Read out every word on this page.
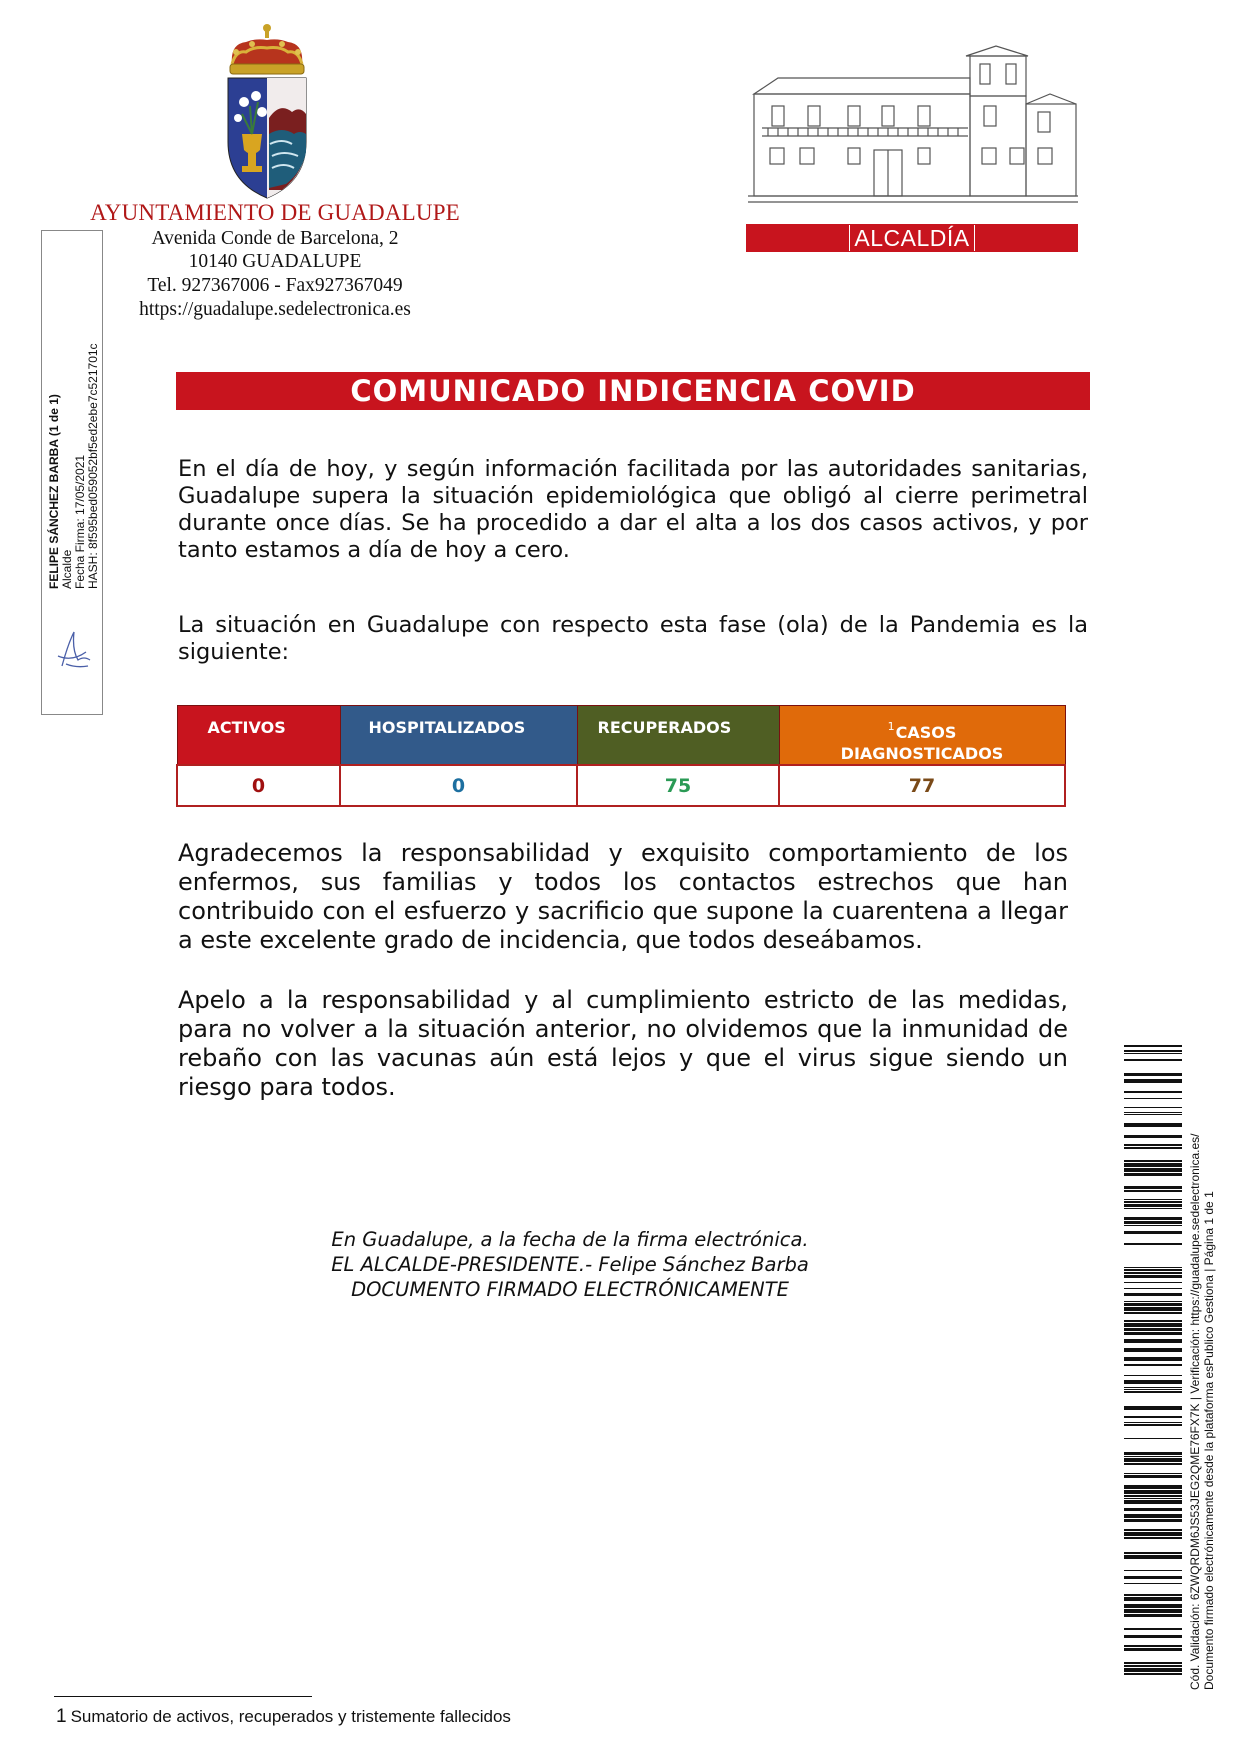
AYUNTAMIENTO DE GUADALUPE
Avenida Conde de Barcelona, 2
10140 GUADALUPE
Tel. 927367006 - Fax927367049
https://guadalupe.sedelectronica.es
ALCALDÍA
FELIPE SÁNCHEZ BARBA (1 de 1) Alcalde Fecha Firma: 17/05/2021 HASH: 8f595bed059052bf5ed2ebe7c521701c	COMUNICADO INDICENCIA COVID
En el día de hoy, y según información facilitada por las autoridades sanitarias, Guadalupe supera la situación epidemiológica que obligó al cierre perimetral durante once días. Se ha procedido a dar el alta a los dos casos activos, y por tanto estamos a día de hoy a cero.
La situación en Guadalupe con respecto esta fase (ola) de la Pandemia es la siguiente:
ACTIVOS	HOSPITALIZADOS	RECUPERADOS	$^1$CASOS
DIAGNOSTICADOS
0	0	75	77
Agradecemos la responsabilidad y exquisito comportamiento de los enfermos, sus familias y todos los contactos estrechos que han contribuido con el esfuerzo y sacrificio que supone la cuarentena a llegar a este excelente grado de incidencia, que todos deseábamos.
Apelo a la responsabilidad y al cumplimiento estricto de las medidas, para no volver a la situación anterior, no olvidemos que la inmunidad de rebaño con las vacunas aún está lejos y que el virus sigue siendo un riesgo para todos.
En Guadalupe, a la fecha de la firma electrónica.
EL ALCALDE-PRESIDENTE.- Felipe Sánchez Barba
DOCUMENTO FIRMADO ELECTRÓNICAMENTE	Cód. Validación: 6ZWQRDM6JS53JEG2QME76FX7K | Verificación: https://guadalupe.sedelectronica.es/ Documento firmado electrónicamente desde la plataforma esPublico Gestiona | Página 1 de 1
1 Sumatorio de activos, recuperados y tristemente fallecidos
